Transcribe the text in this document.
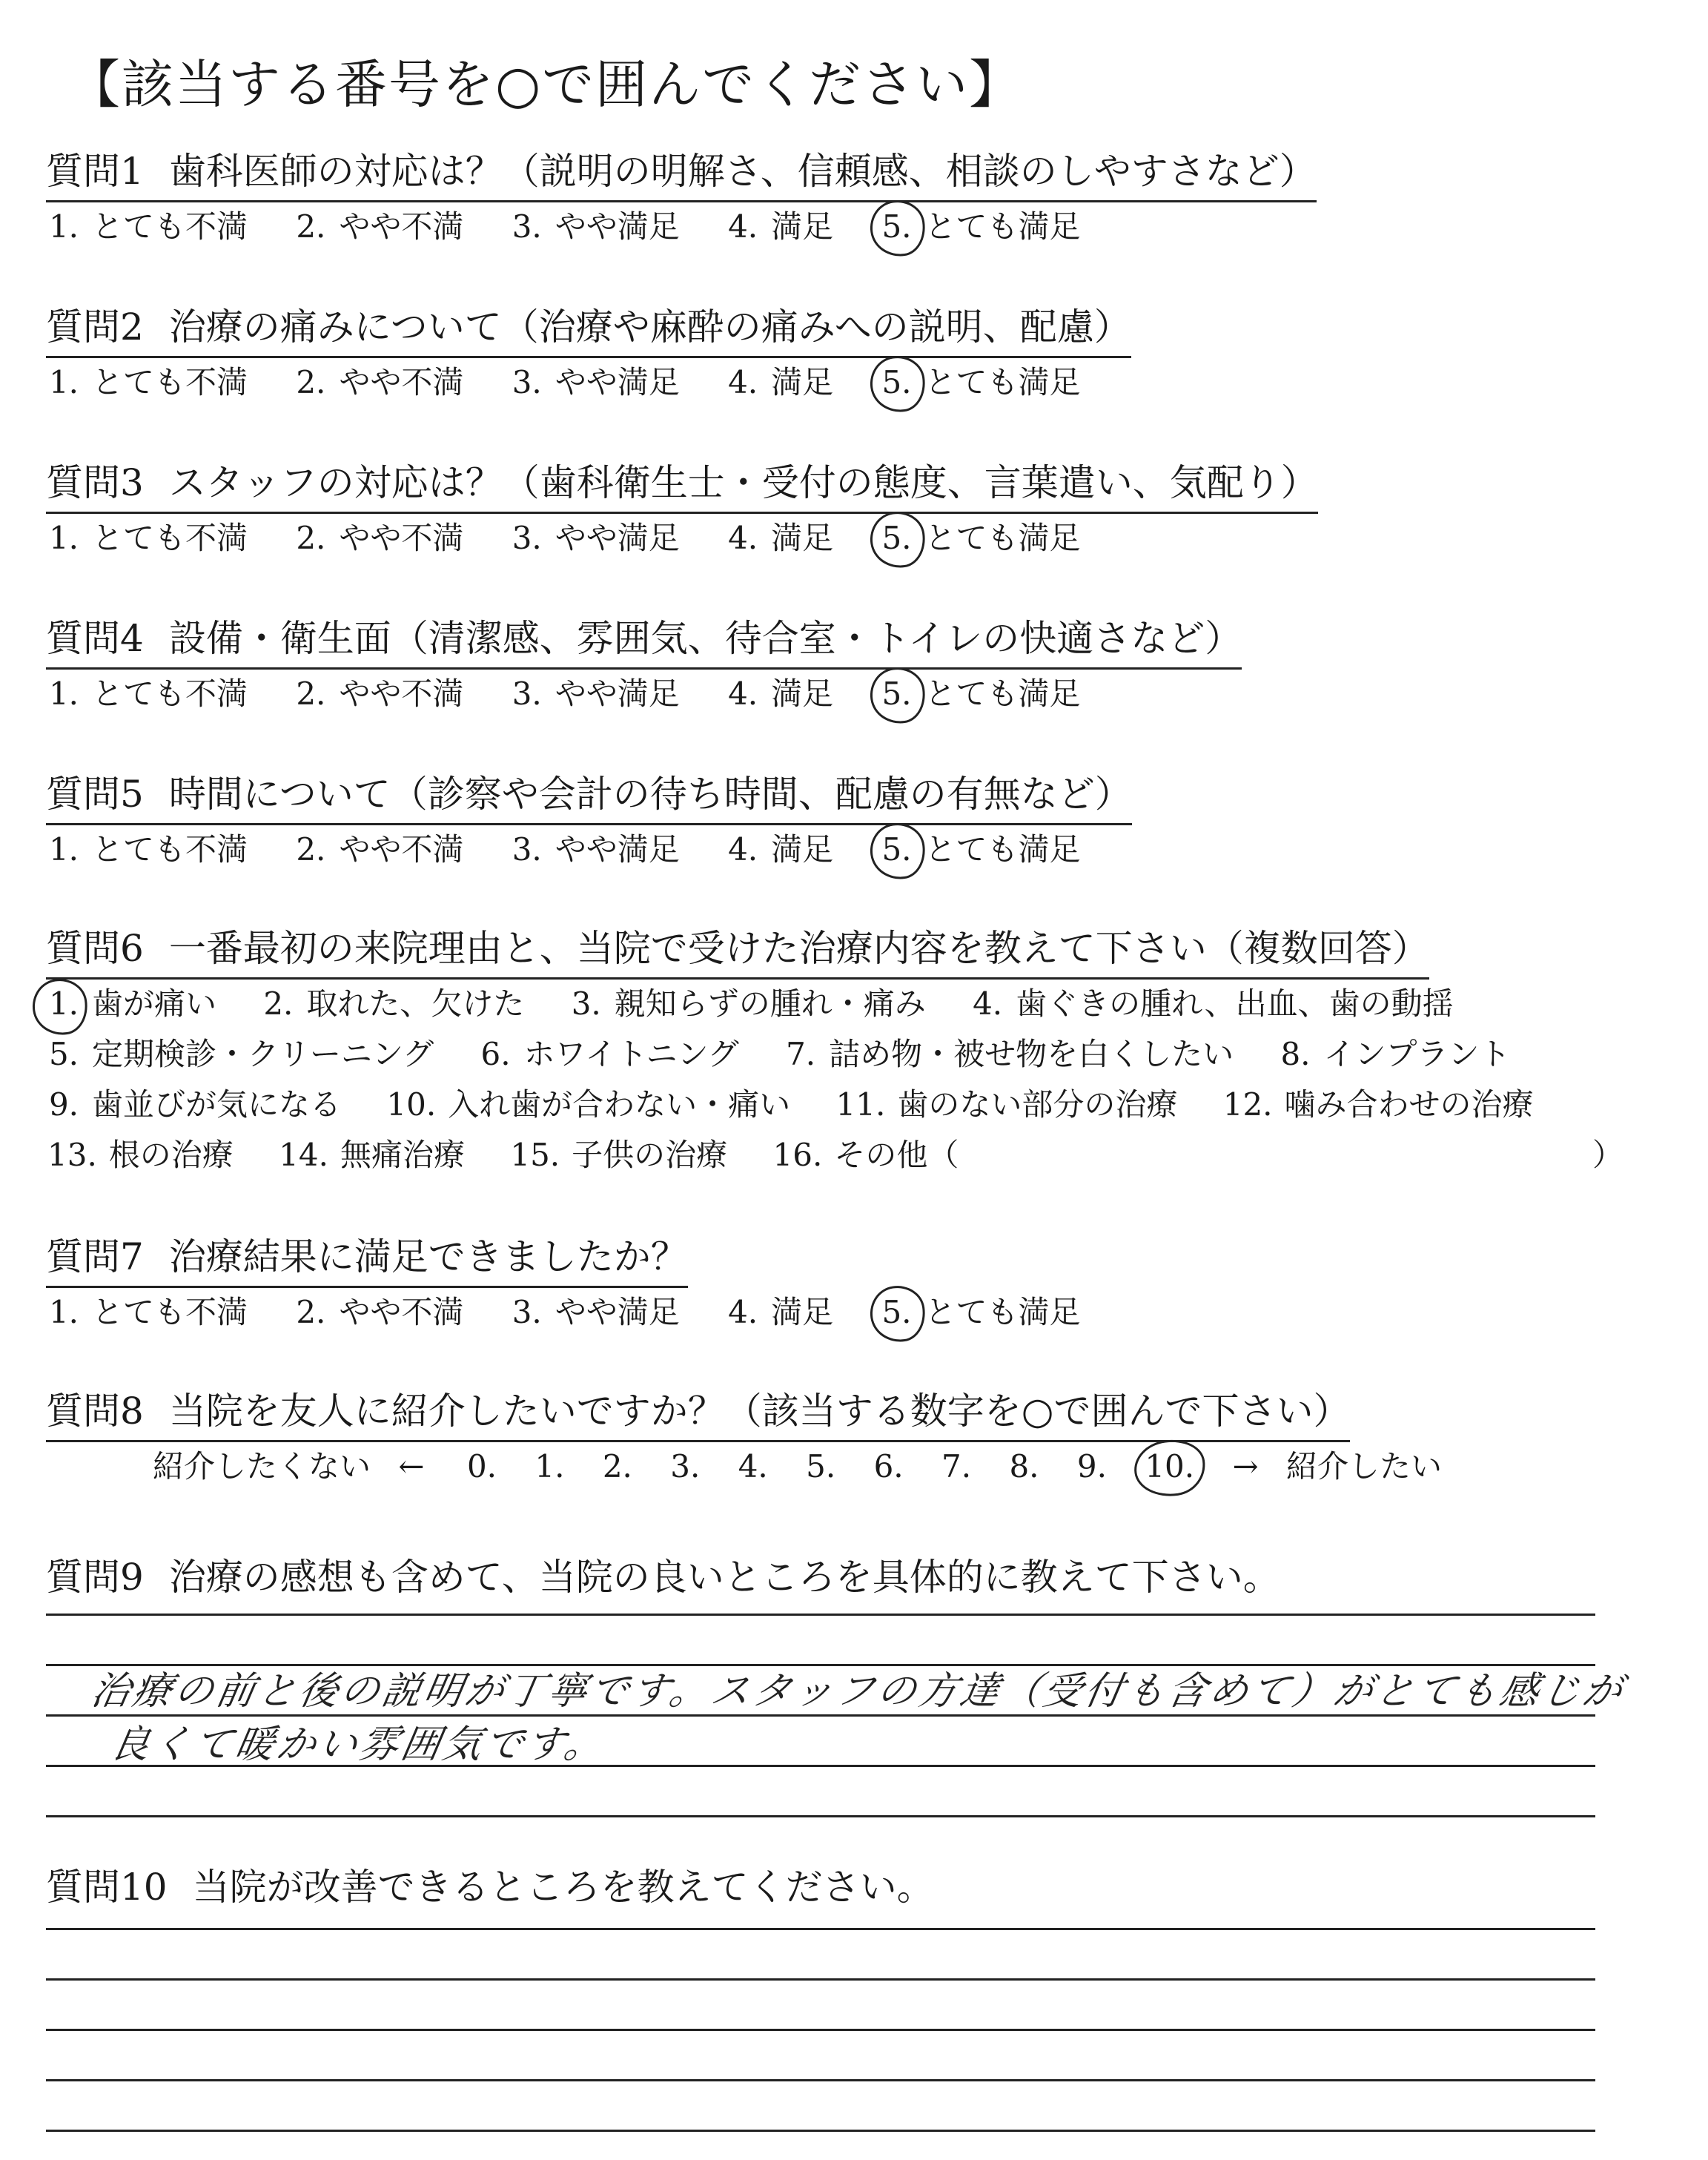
【該当する番号を○で囲んでください】
質問1 歯科医師の対応は？（説明の明解さ、信頼感、相談のしやすさなど）
1. とても不満 2. やや不満 3. やや満足 4. 満足 5. とても満足
質問2 治療の痛みについて（治療や麻酔の痛みへの説明、配慮）
1. とても不満 2. やや不満 3. やや満足 4. 満足 5. とても満足
質問3 スタッフの対応は？（歯科衛生士・受付の態度、言葉遣い、気配り）
1. とても不満 2. やや不満 3. やや満足 4. 満足 5. とても満足
質問4 設備・衛生面（清潔感、雰囲気、待合室・トイレの快適さなど）
1. とても不満 2. やや不満 3. やや満足 4. 満足 5. とても満足
質問5 時間について（診察や会計の待ち時間、配慮の有無など）
1. とても不満 2. やや不満 3. やや満足 4. 満足 5. とても満足
質問6 一番最初の来院理由と、当院で受けた治療内容を教えて下さい（複数回答）
1. 歯が痛い 2. 取れた、欠けた 3. 親知らずの腫れ・痛み 4. 歯ぐきの腫れ、出血、歯の動揺
5. 定期検診・クリーニング 6. ホワイトニング 7. 詰め物・被せ物を白くしたい 8. インプラント
9. 歯並びが気になる 10. 入れ歯が合わない・痛い 11. 歯のない部分の治療 12. 噛み合わせの治療
13. 根の治療 14. 無痛治療 15. 子供の治療 16. その他（	）
質問7 治療結果に満足できましたか？
1. とても不満 2. やや不満 3. やや満足 4. 満足 5. とても満足
質問8 当院を友人に紹介したいですか？（該当する数字を○で囲んで下さい）
紹介したくない ← 0. 1. 2. 3. 4. 5. 6. 7. 8. 9. 10. → 紹介したい
質問9 治療の感想も含めて、当院の良いところを具体的に教えて下さい。
治療の前と後の説明が丁寧です。スタッフの方達（受付も含めて）がとても感じが
良くて暖かい雰囲気です。
質問10 当院が改善できるところを教えてください。
